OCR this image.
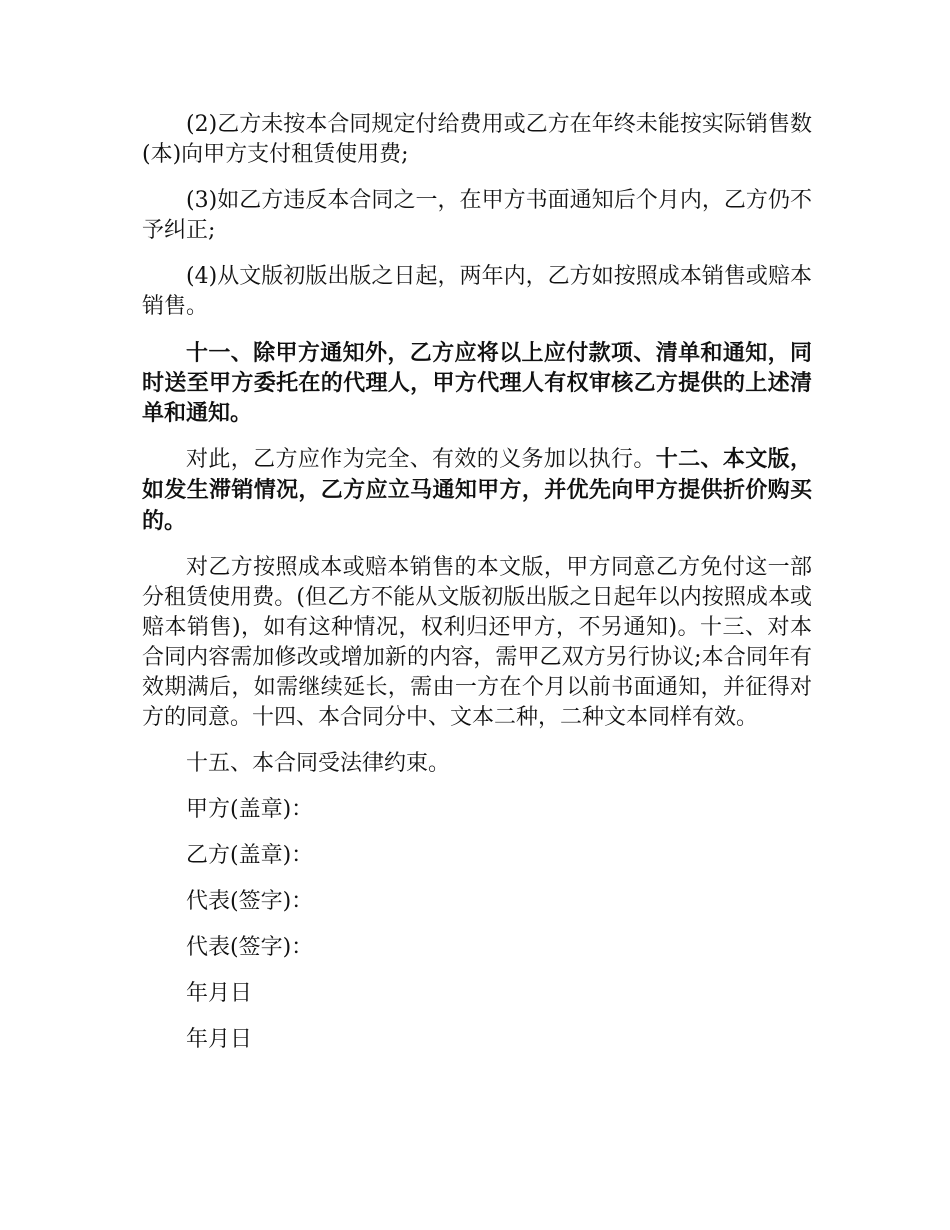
(2)乙方未按本合同规定付给费用或乙方在年终未能按实际销售数(本)向甲方支付租赁使用费;

(3)如乙方违反本合同之一，在甲方书面通知后个月内，乙方仍不予纠正;

(4)从文版初版出版之日起，两年内，乙方如按照成本销售或赔本销售。

十一、除甲方通知外，乙方应将以上应付款项、清单和通知，同时送至甲方委托在的代理人，甲方代理人有权审核乙方提供的上述清单和通知。

对此，乙方应作为完全、有效的义务加以执行。十二、本文版，如发生滞销情况，乙方应立马通知甲方，并优先向甲方提供折价购买的。

对乙方按照成本或赔本销售的本文版，甲方同意乙方免付这一部分租赁使用费。(但乙方不能从文版初版出版之日起年以内按照成本或赔本销售)，如有这种情况，权利归还甲方，不另通知)。十三、对本合同内容需加修改或增加新的内容，需甲乙双方另行协议;本合同年有效期满后，如需继续延长，需由一方在个月以前书面通知，并征得对方的同意。十四、本合同分中、文本二种，二种文本同样有效。

十五、本合同受法律约束。

甲方(盖章)：

乙方(盖章)：

代表(签字)：

代表(签字)：

年月日

年月日
